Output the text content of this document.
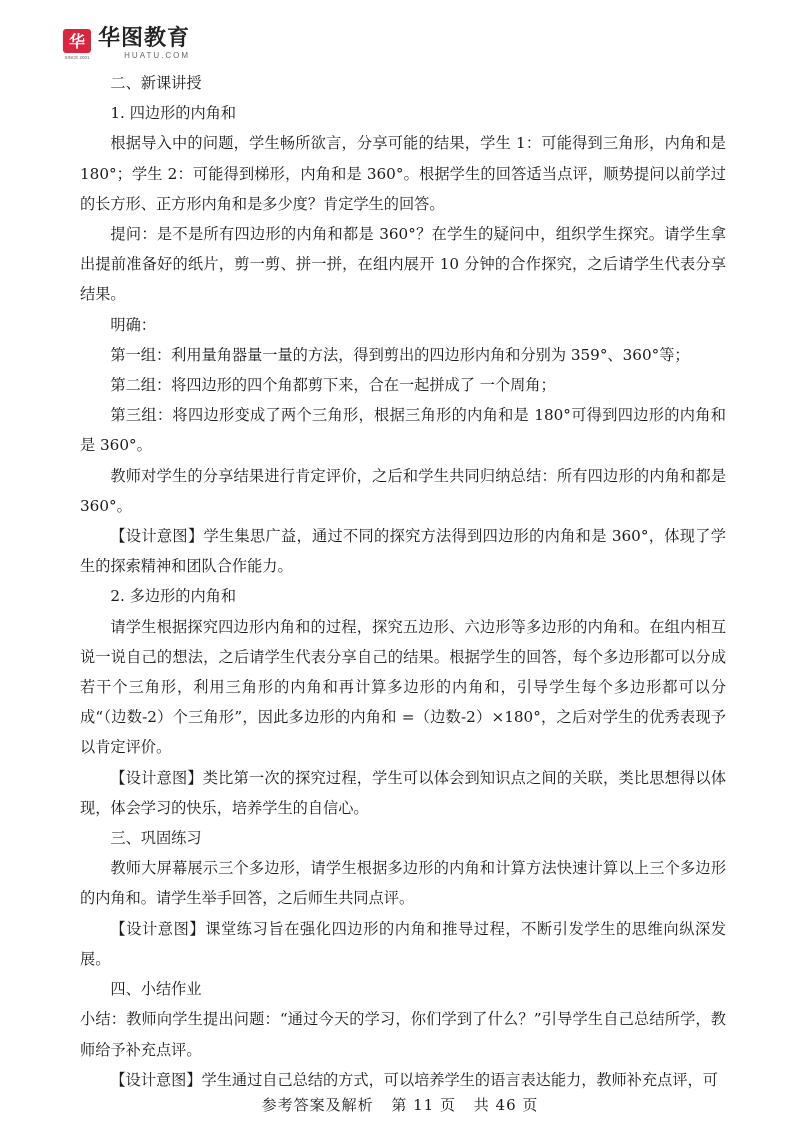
华
SINCE 2001
华图教育
HUATU.COM

二、新课讲授

1. 四边形的内角和

根据导入中的问题，学生畅所欲言，分享可能的结果，学生 1：可能得到三角形，内角和是 180°；学生 2：可能得到梯形，内角和是 360°。根据学生的回答适当点评，顺势提问以前学过的长方形、正方形内角和是多少度？肯定学生的回答。

提问：是不是所有四边形的内角和都是 360°？在学生的疑问中，组织学生探究。请学生拿出提前准备好的纸片，剪一剪、拼一拼，在组内展开 10 分钟的合作探究，之后请学生代表分享结果。

明确：

第一组：利用量角器量一量的方法，得到剪出的四边形内角和分别为 359°、360°等；

第二组：将四边形的四个角都剪下来，合在一起拼成了 一个周角；

第三组：将四边形变成了两个三角形，根据三角形的内角和是 180°可得到四边形的内角和是 360°。

教师对学生的分享结果进行肯定评价，之后和学生共同归纳总结：所有四边形的内角和都是 360°。

【设计意图】学生集思广益，通过不同的探究方法得到四边形的内角和是 360°，体现了学生的探索精神和团队合作能力。

2. 多边形的内角和

请学生根据探究四边形内角和的过程，探究五边形、六边形等多边形的内角和。在组内相互说一说自己的想法，之后请学生代表分享自己的结果。根据学生的回答，每个多边形都可以分成若干个三角形，利用三角形的内角和再计算多边形的内角和，引导学生每个多边形都可以分成“（边数-2）个三角形”，因此多边形的内角和 =（边数-2）×180°，之后对学生的优秀表现予以肯定评价。

【设计意图】类比第一次的探究过程，学生可以体会到知识点之间的关联，类比思想得以体现，体会学习的快乐，培养学生的自信心。

三、巩固练习

教师大屏幕展示三个多边形，请学生根据多边形的内角和计算方法快速计算以上三个多边形的内角和。请学生举手回答，之后师生共同点评。

【设计意图】课堂练习旨在强化四边形的内角和推导过程，不断引发学生的思维向纵深发展。

四、小结作业

小结：教师向学生提出问题：“通过今天的学习，你们学到了什么？”引导学生自己总结所学，教师给予补充点评。

【设计意图】学生通过自己总结的方式，可以培养学生的语言表达能力，教师补充点评，可

参考答案及解析 第 11 页 共 46 页
